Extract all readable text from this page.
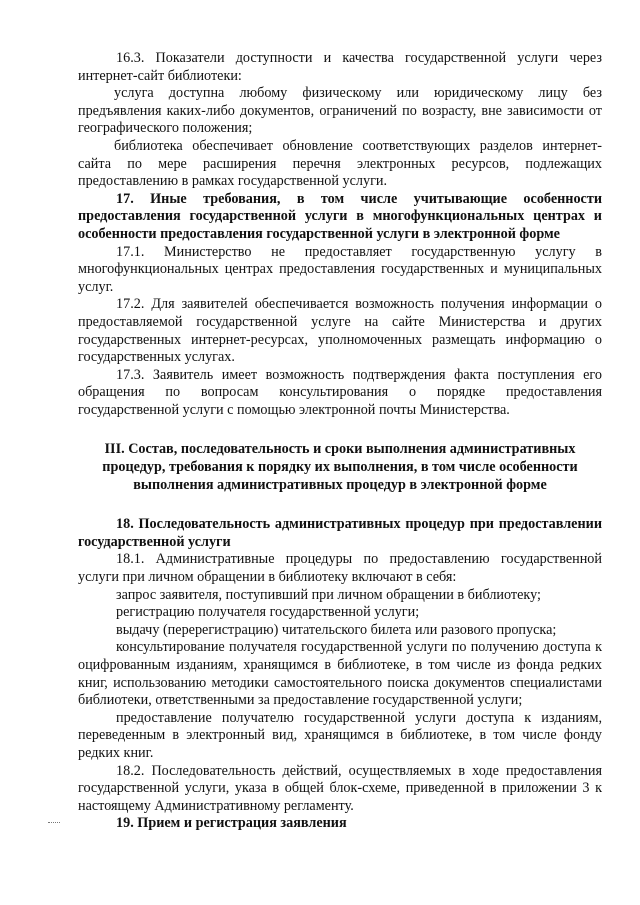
16.3. Показатели доступности и качества государственной услуги через интернет-сайт библиотеки:

услуга доступна любому физическому или юридическому лицу без предъявления каких-либо документов, ограничений по возрасту, вне зависимости от географического положения;

библиотека обеспечивает обновление соответствующих разделов интернет-сайта по мере расширения перечня электронных ресурсов, подлежащих предоставлению в рамках государственной услуги.

17. Иные требования, в том числе учитывающие особенности предоставления государственной услуги в многофункциональных центрах и особенности предоставления государственной услуги в электронной форме

17.1. Министерство не предоставляет государственную услугу в многофункциональных центрах предоставления государственных и муниципальных услуг.

17.2. Для заявителей обеспечивается возможность получения информации о предоставляемой государственной услуге на сайте Министерства и других государственных интернет-ресурсах, уполномоченных размещать информацию о государственных услугах.

17.3. Заявитель имеет возможность подтверждения факта поступления его обращения по вопросам консультирования о порядке предоставления государственной услуги с помощью электронной почты Министерства.

III. Состав, последовательность и сроки выполнения административных процедур, требования к порядку их выполнения, в том числе особенности выполнения административных процедур в электронной форме

18. Последовательность административных процедур при предоставлении государственной услуги

18.1. Административные процедуры по предоставлению государственной услуги при личном обращении в библиотеку включают в себя:

запрос заявителя, поступивший при личном обращении в библиотеку;

регистрацию получателя государственной услуги;

выдачу (перерегистрацию) читательского билета или разового пропуска;

консультирование получателя государственной услуги по получению доступа к оцифрованным изданиям, хранящимся в библиотеке, в том числе из фонда редких книг, использованию методики самостоятельного поиска документов специалистами библиотеки, ответственными за предоставление государственной услуги;

предоставление получателю государственной услуги доступа к изданиям, переведенным в электронный вид, хранящимся в библиотеке, в том числе фонду редких книг.

18.2. Последовательность действий, осуществляемых в ходе предоставления государственной услуги, указа в общей блок-схеме, приведенной в приложении 3 к настоящему Административному регламенту.

19. Прием и регистрация заявления
